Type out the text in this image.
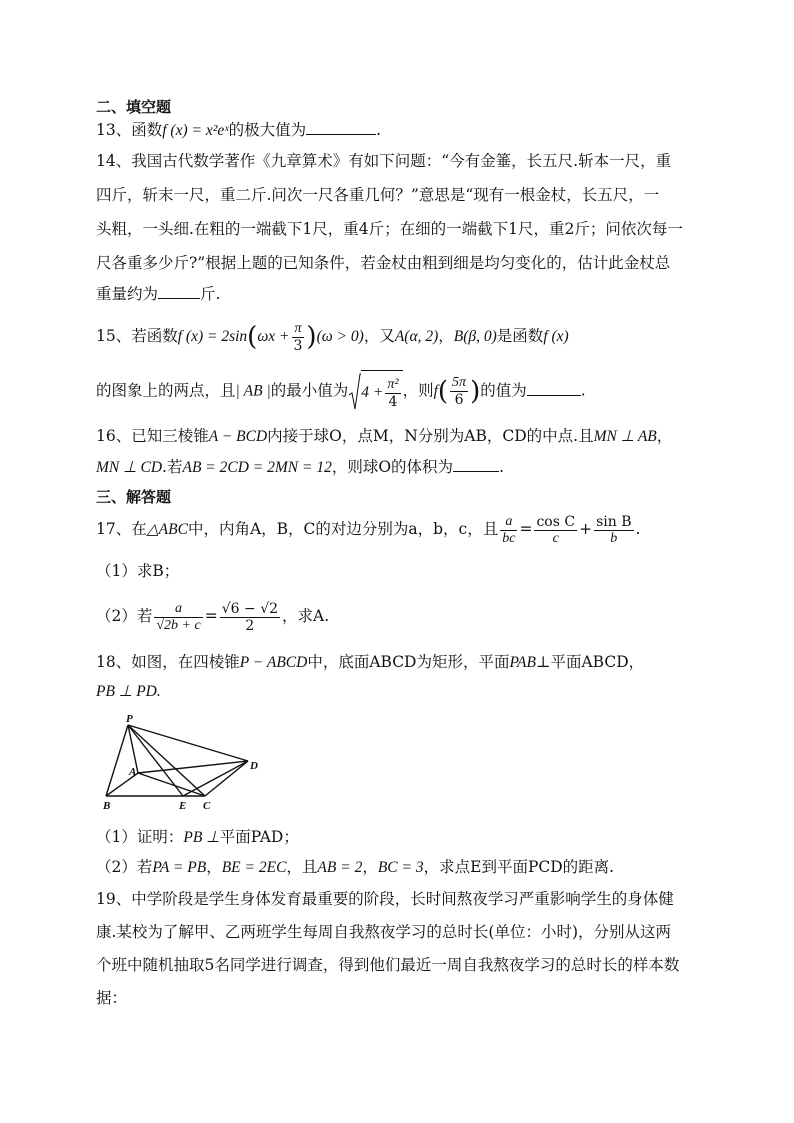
二、填空题
13、函数f (x) = x²eˣ的极大值为	.
14、我国古代数学著作《九章算术》有如下问题：“今有金箠，长五尺.斩本一尺，重
四斤，斩末一尺，重二斤.问次一尺各重几何？”意思是“现有一根金杖，长五尺，一
头粗，一头细.在粗的一端截下1尺，重4斤；在细的一端截下1尺，重2斤；问依次每一
尺各重多少斤?”根据上题的已知条件，若金杖由粗到细是均匀变化的，估计此金杖总
重量约为	斤.
15、若函数f $(x) = 2\sin(\omega x + \frac{\pi}{3} )(\omega > 0)$，又A(α, 2)，B(β, 0)是函数f (x)
的图象上的两点，且| AB |的最小值为 $4 + \frac{\text{π²}}{4}$ ，则$f( \frac{5\pi}{6}$ )的值为	.
16、已知三棱锥A − BCD内接于球O，点M，N分别为AB，CD的中点.且MN ⊥ AB，
MN ⊥ CD.若AB = 2CD = 2MN = 12，则球O的体积为	.
三、解答题
17、在△ABC中，内角A，B，C的对边分别为a，b，c，且 $\frac{a}{bc} = \frac{\text{cos C}}{c} + \frac{\text{sin B}}{b}$ .
（1）求B；
（2）若 $\frac{a}{√2b + c} = \frac{√6 - √2}{2}$ ，求A.
18、如图，在四棱锥P − ABCD中，底面ABCD为矩形，平面PAB⊥平面ABCD，
PB ⊥ PD.
P
A
B	E C
D
（1）证明：PB ⊥平面PAD；
（2）若PA = PB，BE = 2EC，且AB = 2，BC = 3，求点E到平面PCD的距离.
19、中学阶段是学生身体发育最重要的阶段，长时间熬夜学习严重影响学生的身体健
康.某校为了解甲、乙两班学生每周自我熬夜学习的总时长(单位：小时)，分别从这两
个班中随机抽取5名同学进行调查，得到他们最近一周自我熬夜学习的总时长的样本数
据：
